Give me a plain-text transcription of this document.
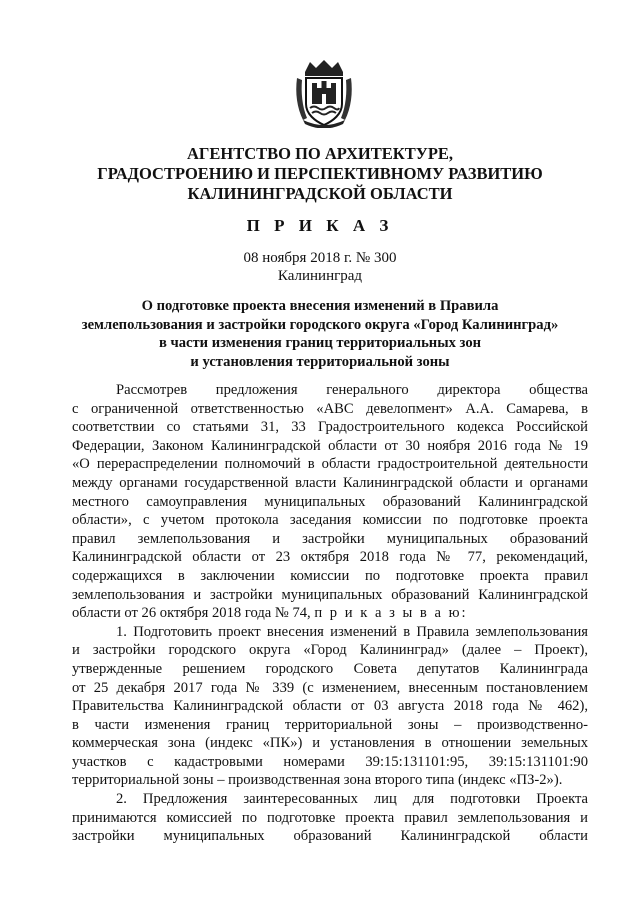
АГЕНТСТВО ПО АРХИТЕКТУРЕ,
ГРАДОСТРОЕНИЮ И ПЕРСПЕКТИВНОМУ РАЗВИТИЮ
КАЛИНИНГРАДСКОЙ ОБЛАСТИ
П Р И К А З
08 ноября 2018 г. № 300
Калининград
О подготовке проекта внесения изменений в Правила
землепользования и застройки городского округа «Город Калининград»
в части изменения границ территориальных зон
и установления территориальной зоны
Рассмотрев предложения генерального директора общества
с ограниченной ответственностью «АВС девелопмент» А.А. Самарева, в
соответствии со статьями 31, 33 Градостроительного кодекса Российской
Федерации, Законом Калининградской области от 30 ноября 2016 года № 19
«О перераспределении полномочий в области градостроительной деятельности
между органами государственной власти Калининградской области и органами
местного самоуправления муниципальных образований Калининградской
области», с учетом протокола заседания комиссии по подготовке проекта
правил землепользования и застройки муниципальных образований
Калининградской области от 23 октября 2018 года № 77, рекомендаций,
содержащихся в заключении комиссии по подготовке проекта правил
землепользования и застройки муниципальных образований Калининградской
области от 26 октября 2018 года № 74, п р и к а з ы в а ю:
1. Подготовить проект внесения изменений в Правила землепользования
и застройки городского округа «Город Калининград» (далее – Проект),
утвержденные решением городского Совета депутатов Калининграда
от 25 декабря 2017 года № 339 (с изменением, внесенным постановлением
Правительства Калининградской области от 03 августа 2018 года № 462),
в части изменения границ территориальной зоны – производственно-
коммерческая зона (индекс «ПК») и установления в отношении земельных
участков с кадастровыми номерами 39:15:131101:95, 39:15:131101:90
территориальной зоны – производственная зона второго типа (индекс «ПЗ-2»).
2. Предложения заинтересованных лиц для подготовки Проекта
принимаются комиссией по подготовке проекта правил землепользования и
застройки муниципальных образований Калининградской области
